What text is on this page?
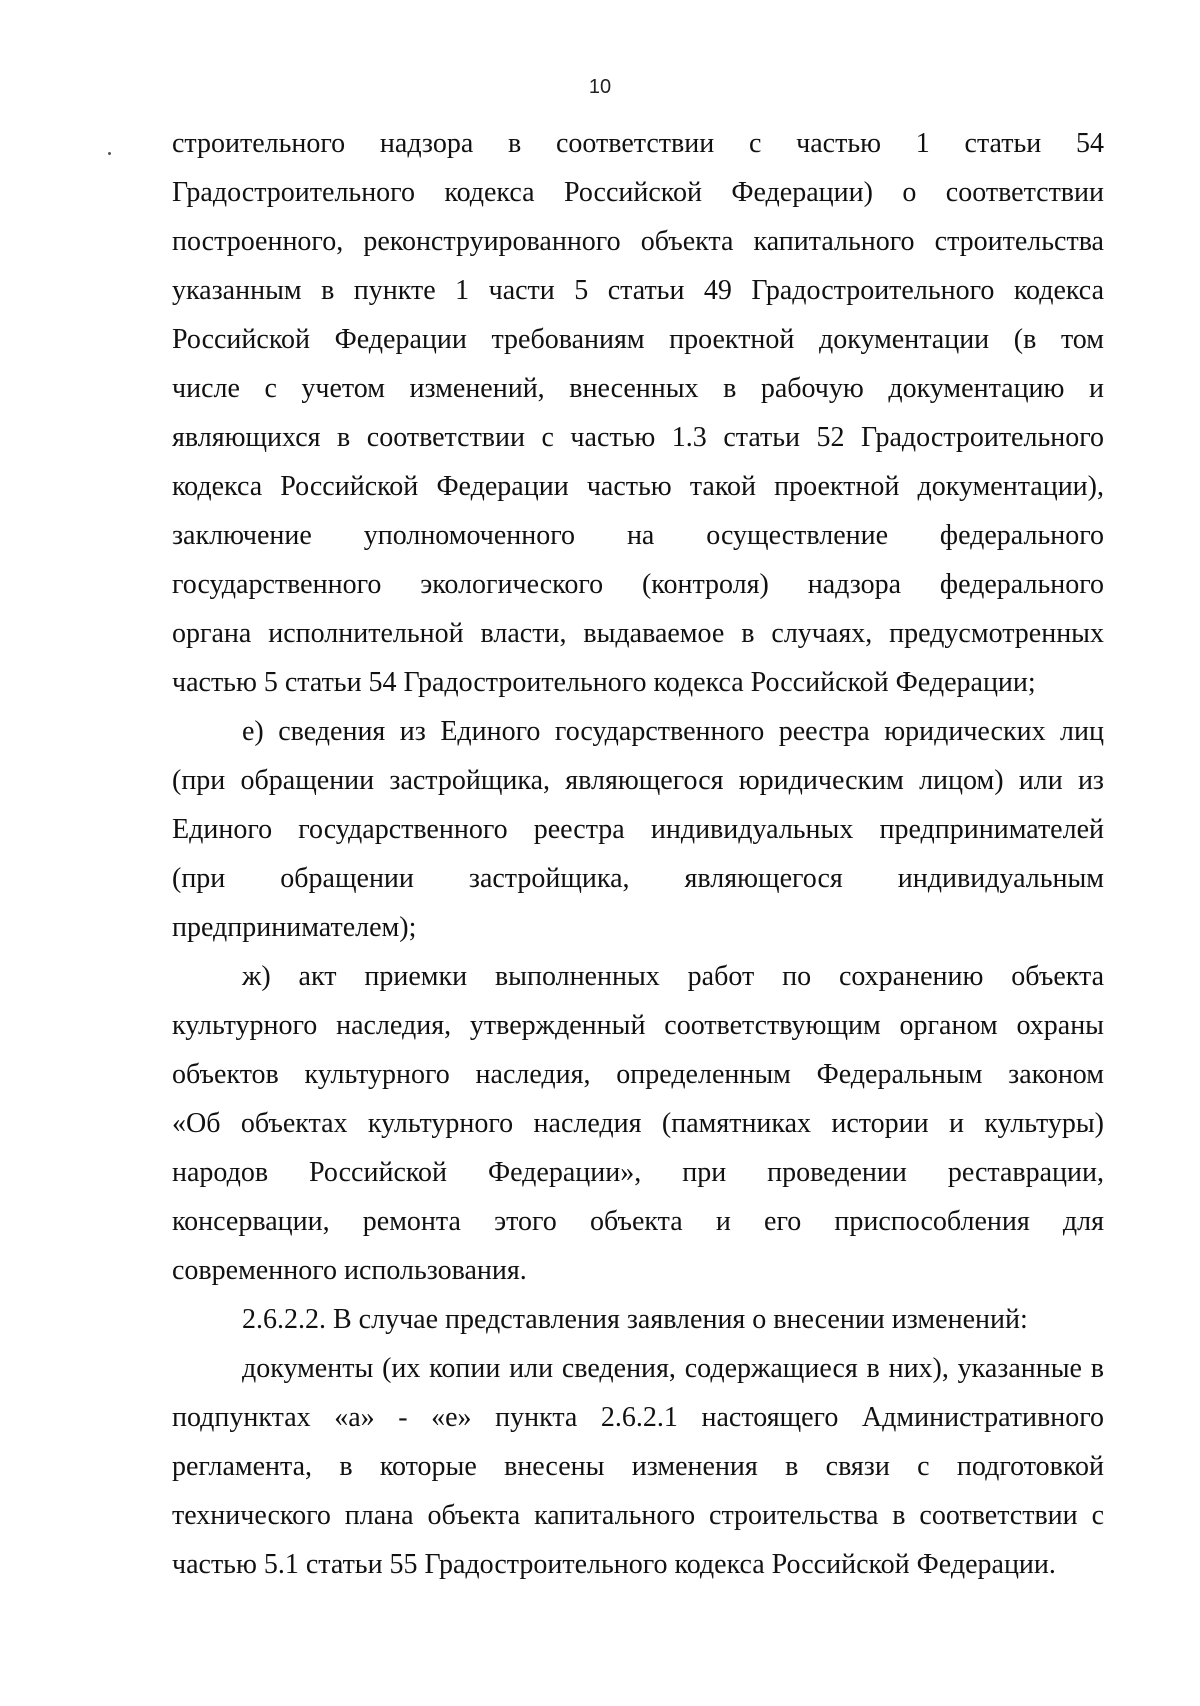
10
строительного надзора в соответствии с частью 1 статьи 54
Градостроительного кодекса Российской Федерации) о соответствии
построенного, реконструированного объекта капитального строительства
указанным в пункте 1 части 5 статьи 49 Градостроительного кодекса
Российской Федерации требованиям проектной документации (в том
числе с учетом изменений, внесенных в рабочую документацию и
являющихся в соответствии с частью 1.3 статьи 52 Градостроительного
кодекса Российской Федерации частью такой проектной документации),
заключение уполномоченного на осуществление федерального
государственного экологического (контроля) надзора федерального
органа исполнительной власти, выдаваемое в случаях, предусмотренных
частью 5 статьи 54 Градостроительного кодекса Российской Федерации;
е) сведения из Единого государственного реестра юридических лиц
(при обращении застройщика, являющегося юридическим лицом) или из
Единого государственного реестра индивидуальных предпринимателей
(при обращении застройщика, являющегося индивидуальным
предпринимателем);
ж) акт приемки выполненных работ по сохранению объекта
культурного наследия, утвержденный соответствующим органом охраны
объектов культурного наследия, определенным Федеральным законом
«Об объектах культурного наследия (памятниках истории и культуры)
народов Российской Федерации», при проведении реставрации,
консервации, ремонта этого объекта и его приспособления для
современного использования.
2.6.2.2. В случае представления заявления о внесении изменений:
документы (их копии или сведения, содержащиеся в них), указанные в
подпунктах «а» - «е» пункта 2.6.2.1 настоящего Административного
регламента, в которые внесены изменения в связи с подготовкой
технического плана объекта капитального строительства в соответствии с
частью 5.1 статьи 55 Градостроительного кодекса Российской Федерации.
